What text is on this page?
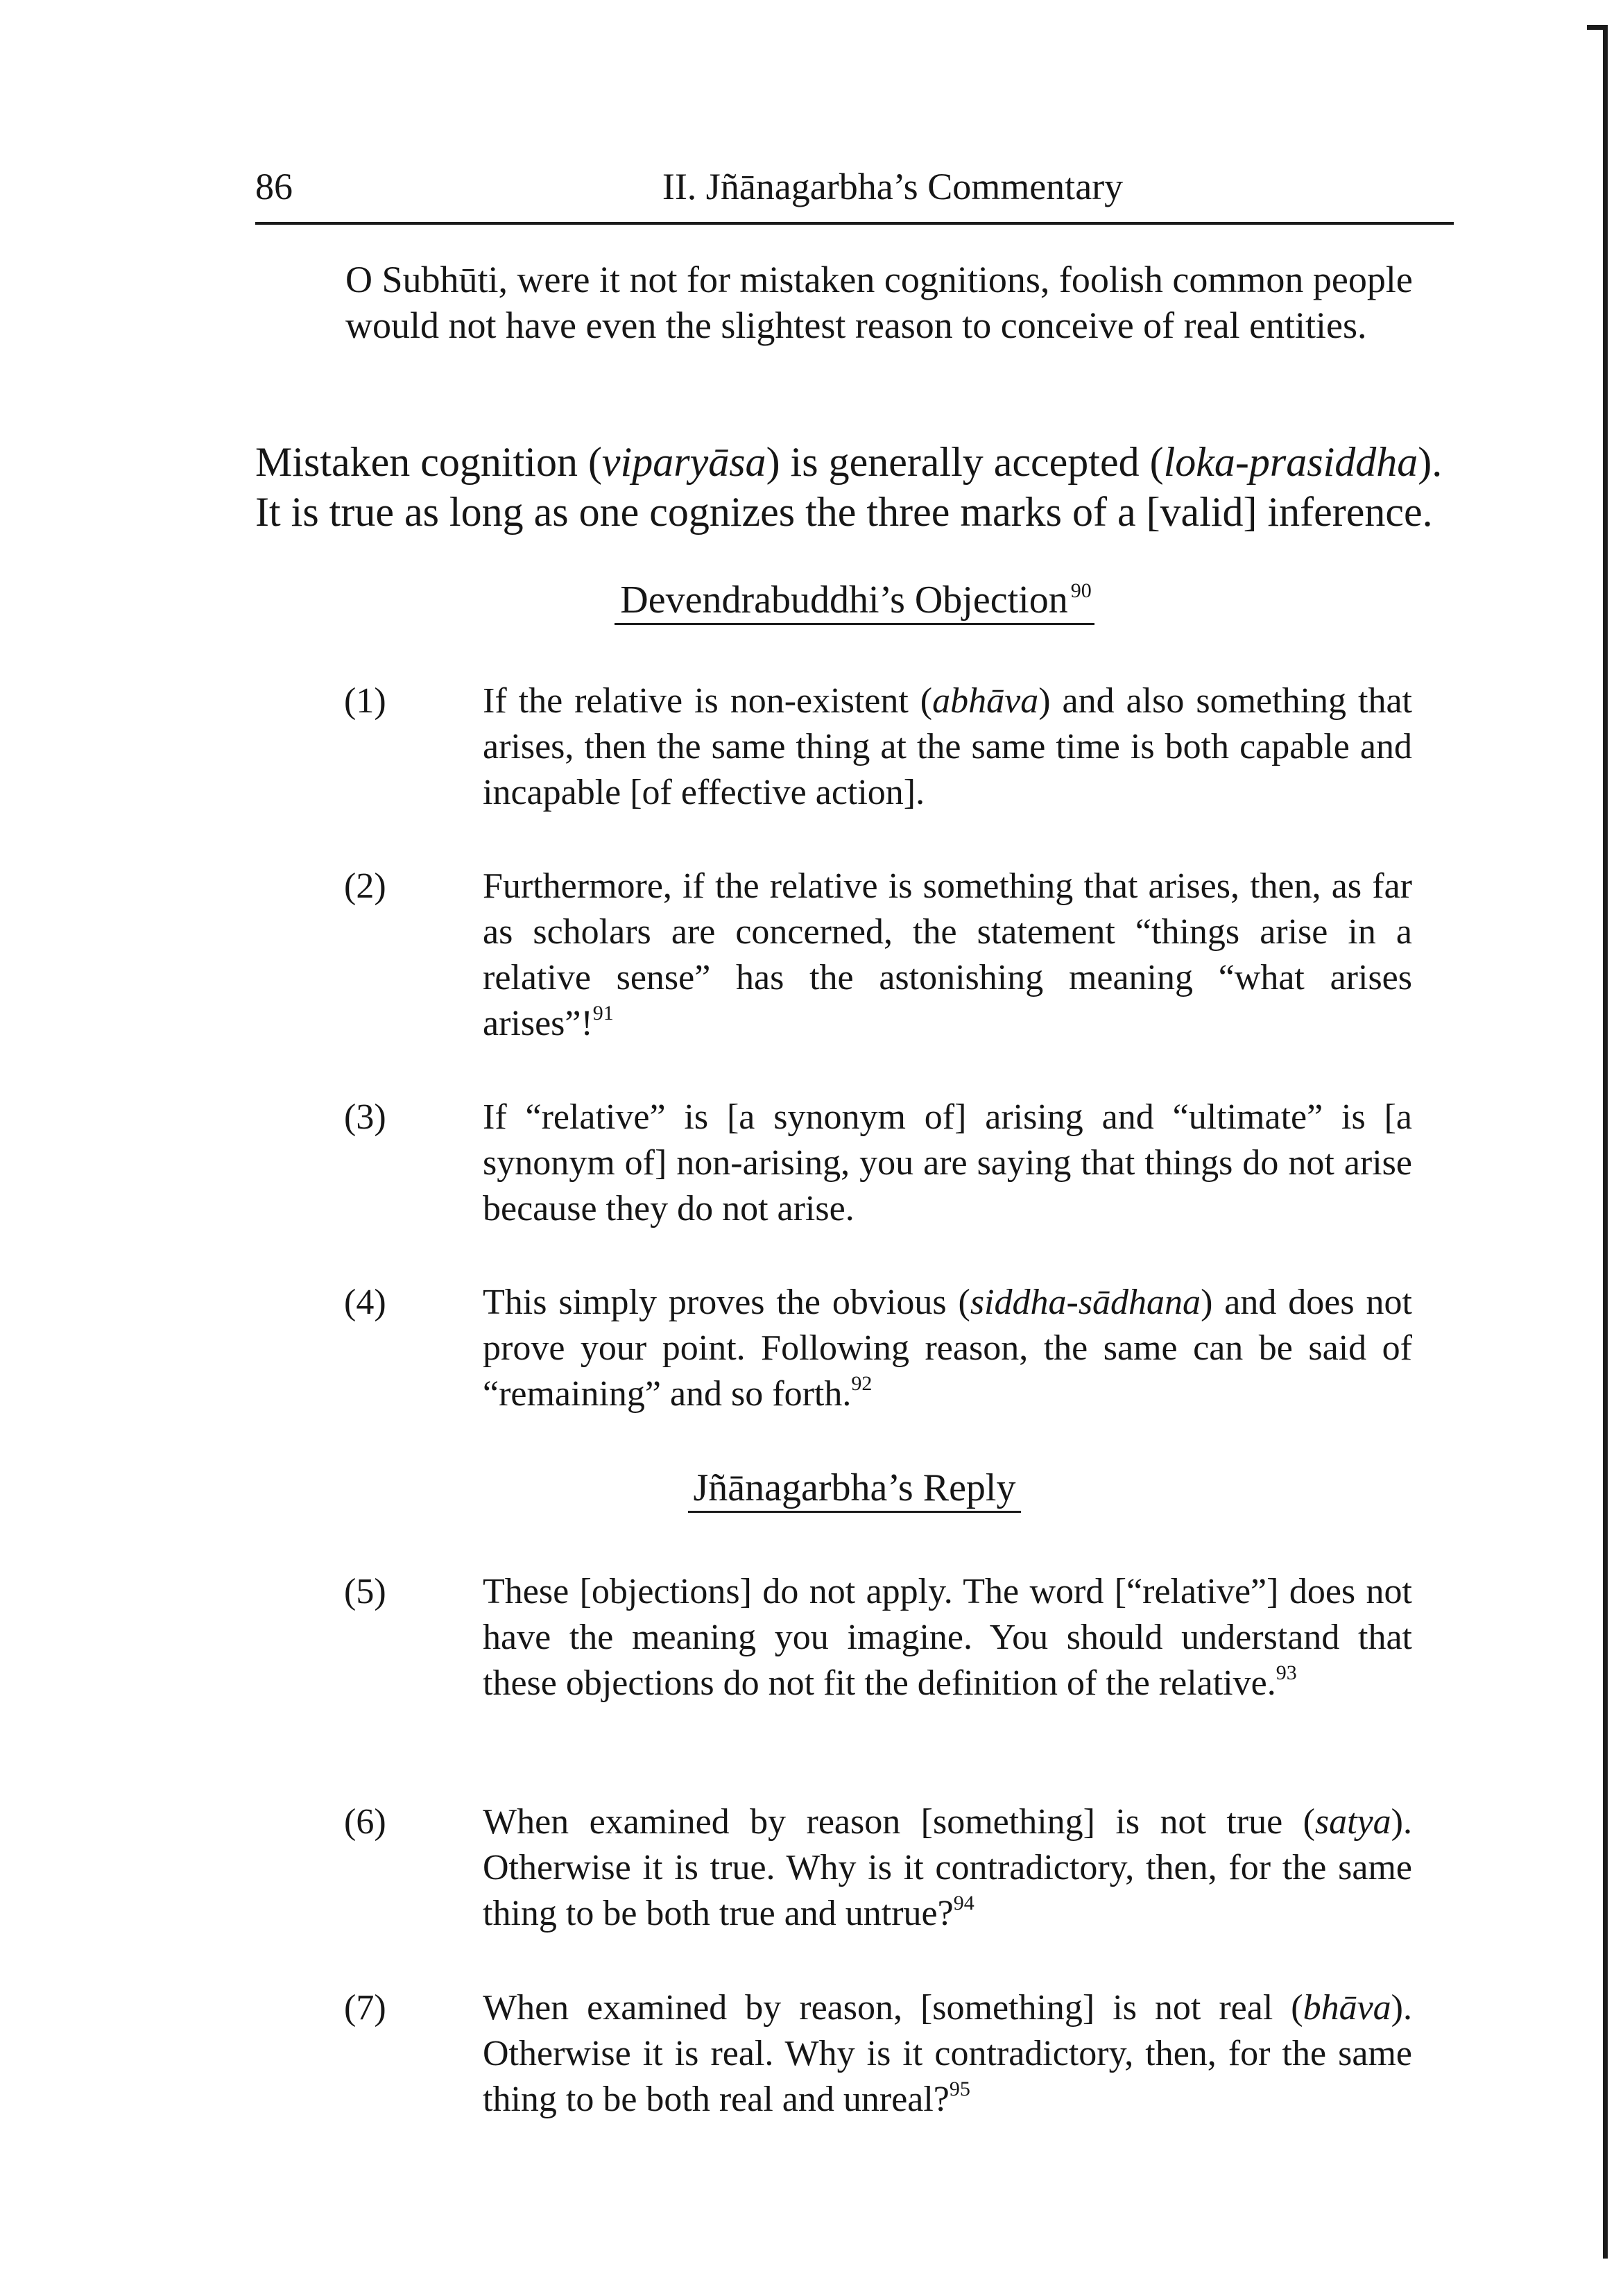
86	II. Jñānagarbha’s Commentary
O Subhūti, were it not for mistaken cognitions, foolish common people would not have even the slightest reason to conceive of real entities.
Mistaken cognition (viparyāsa) is generally accepted (loka-prasiddha).
It is true as long as one cognizes the three marks of a [valid] inference.
Devendrabuddhi’s Objection $^{90}$
(1)	If the relative is non-existent (abhāva) and also something that arises, then the same thing at the same time is both capable and incapable [of effective action].
(2)	Furthermore, if the relative is something that arises, then, as far as scholars are concerned, the statement “things arise in a relative sense” has the astonishing meaning “what arises arises”!$^{91}$
(3)	If “relative” is [a synonym of] arising and “ultimate” is [a synonym of] non-arising, you are saying that things do not arise because they do not arise.
(4)	This simply proves the obvious (siddha-sādhana) and does not prove your point. Following reason, the same can be said of “remaining” and so forth.$^{92}$
Jñānagarbha’s Reply
(5)	These [objections] do not apply. The word [“relative”] does not have the meaning you imagine. You should understand that these objections do not fit the definition of the relative.$^{93}$
(6)	When examined by reason [something] is not true (satya). Otherwise it is true. Why is it contradictory, then, for the same thing to be both true and untrue?$^{94}$
(7)	When examined by reason, [something] is not real (bhāva). Otherwise it is real. Why is it contradictory, then, for the same thing to be both real and unreal?$^{95}$
